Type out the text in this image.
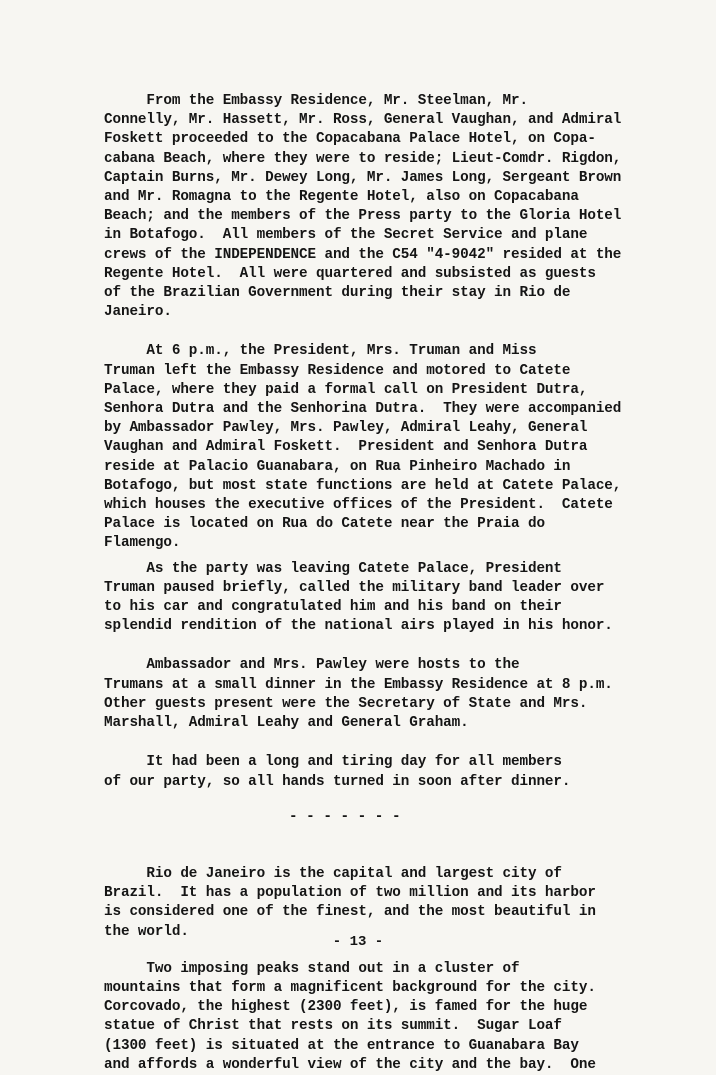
From the Embassy Residence, Mr. Steelman, Mr.
Connelly, Mr. Hassett, Mr. Ross, General Vaughan, and Admiral
Foskett proceeded to the Copacabana Palace Hotel, on Copa-
cabana Beach, where they were to reside; Lieut-Comdr. Rigdon,
Captain Burns, Mr. Dewey Long, Mr. James Long, Sergeant Brown
and Mr. Romagna to the Regente Hotel, also on Copacabana
Beach; and the members of the Press party to the Gloria Hotel
in Botafogo.  All members of the Secret Service and plane
crews of the INDEPENDENCE and the C54 "4-9042" resided at the
Regente Hotel.  All were quartered and subsisted as guests
of the Brazilian Government during their stay in Rio de
Janeiro.

At 6 p.m., the President, Mrs. Truman and Miss
Truman left the Embassy Residence and motored to Catete
Palace, where they paid a formal call on President Dutra,
Senhora Dutra and the Senhorina Dutra.  They were accompanied
by Ambassador Pawley, Mrs. Pawley, Admiral Leahy, General
Vaughan and Admiral Foskett.  President and Senhora Dutra
reside at Palacio Guanabara, on Rua Pinheiro Machado in
Botafogo, but most state functions are held at Catete Palace,
which houses the executive offices of the President.  Catete
Palace is located on Rua do Catete near the Praia do
Flamengo.

As the party was leaving Catete Palace, President
Truman paused briefly, called the military band leader over
to his car and congratulated him and his band on their
splendid rendition of the national airs played in his honor.

Ambassador and Mrs. Pawley were hosts to the
Trumans at a small dinner in the Embassy Residence at 8 p.m.
Other guests present were the Secretary of State and Mrs.
Marshall, Admiral Leahy and General Graham.

It had been a long and tiring day for all members
of our party, so all hands turned in soon after dinner.

- - - - - - -

Rio de Janeiro is the capital and largest city of
Brazil.  It has a population of two million and its harbor
is considered one of the finest, and the most beautiful in
the world.

Two imposing peaks stand out in a cluster of
mountains that form a magnificent background for the city.
Corcovado, the highest (2300 feet), is famed for the huge
statue of Christ that rests on its summit.  Sugar Loaf
(1300 feet) is situated at the entrance to Guanabara Bay
and affords a wonderful view of the city and the bay.  One

- 13 -
